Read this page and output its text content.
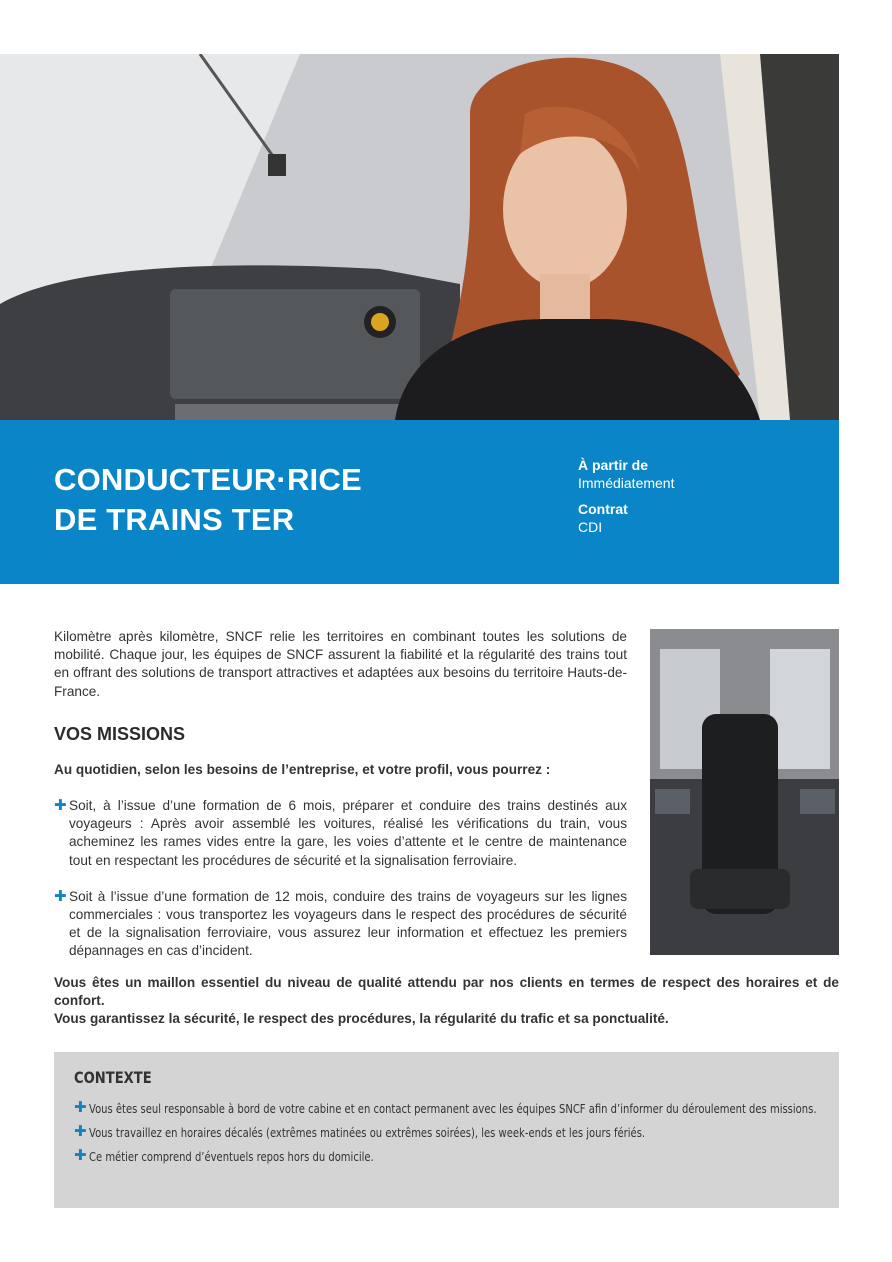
CONDUCTEUR·RICE
DE TRAINS TER
À partir de
Immédiatement
Contrat
CDI
Kilomètre après kilomètre, SNCF relie les territoires en combinant toutes les solutions de mobilité. Chaque jour, les équipes de SNCF assurent la fiabilité et la régularité des trains tout en offrant des solutions de transport attractives et adaptées aux besoins du territoire Hauts-de-France.
VOS MISSIONS
Au quotidien, selon les besoins de l’entreprise, et votre profil, vous pourrez :
✚ Soit, à l’issue d’une formation de 6 mois, préparer et conduire des trains destinés aux voyageurs : Après avoir assemblé les voitures, réalisé les vérifications du train, vous acheminez les rames vides entre la gare, les voies d’attente et le centre de maintenance tout en respectant les procédures de sécurité et la signalisation ferroviaire.
✚ Soit à l’issue d’une formation de 12 mois, conduire des trains de voyageurs sur les lignes commerciales : vous transportez les voyageurs dans le respect des procédures de sécurité et de la signalisation ferroviaire, vous assurez leur information et effectuez les premiers dépannages en cas d’incident.
Vous êtes un maillon essentiel du niveau de qualité attendu par nos clients en termes de respect des horaires et de confort.
Vous garantissez la sécurité, le respect des procédures, la régularité du trafic et sa ponctualité.
CONTEXTE
✚ Vous êtes seul responsable à bord de votre cabine et en contact permanent avec les équipes SNCF afin d’informer du déroulement des missions.
✚ Vous travaillez en horaires décalés (extrêmes matinées ou extrêmes soirées), les week-ends et les jours fériés.
✚ Ce métier comprend d’éventuels repos hors du domicile.
